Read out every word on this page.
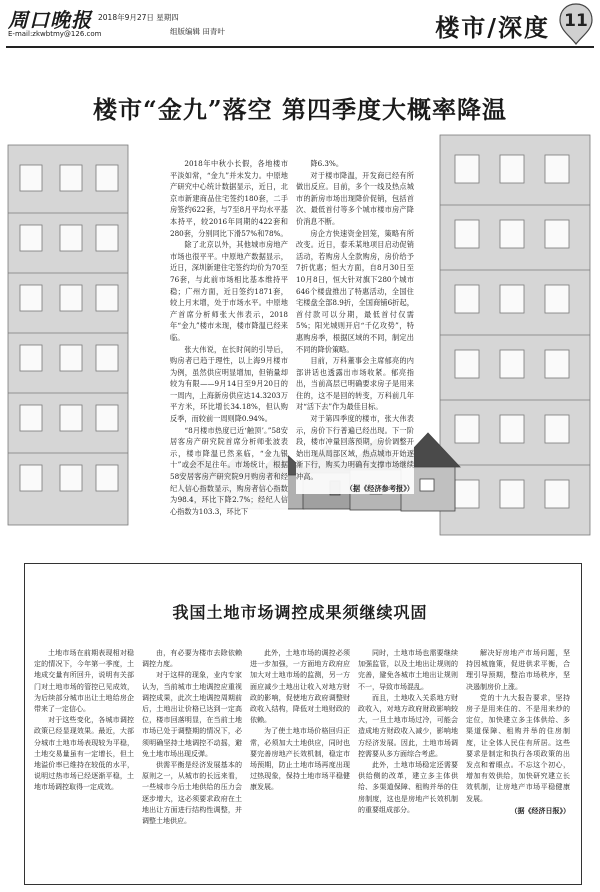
周口晚报
E-mail:zkwbtmy@126.com
2018年9月27日 星期四
组版编辑 田青叶	楼市/深度 11
楼市“金九”落空 第四季度大概率降温

2018年中秋小长假，各地楼市平淡如常，“金九”并未发力。中原地产研究中心统计数据显示，近日，北京市新建商品住宅签约180套，二手房签约622套，与7至8月平均水平基本持平，较2016年同期的422套和280套，分别同比下滑57%和78%。

除了北京以外，其他城市房地产市场也很平平。中原地产数据显示，近日，深圳新建住宅签约均价为70至76套，与此前市场相比基本维持平稳；广州方面，近日签约1871套，较上月末增，处于市场水平。中原地产首席分析师张大伟表示，2018年“金九”楼市未现，楼市降温已经来临。

张大伟说，在长时间的引导后，购房者已趋于理性，以上海9月楼市为例，虽然供应明显增加，但销量却较为有限——9月14日至9月20日的一周内，上海新房供应达14.3203万平方米，环比增长34.18%，但认购反季，而较前一周则降0.94%。

“8月楼市热度已近‘触顶’。”58安居客房产研究院首席分析师张波表示，楼市降温已然来临，“金九银十”或会不足往年。市场统计，根据58安居客房产研究院9月购房者和经纪人信心指数显示，购房者信心指数为98.4，环比下降2.7%；经纪人信心指数为103.3，环比下

降6.3%。

对于楼市降温，开发商已经有所做出反应。目前，多个一线及热点城市的新房市场出现降价促销，包括首次、最低首付等多个城市楼市房产降价消息不断。

房企方快速资金回笼，策略有所改变。近日，泰禾某地项目启动促销活动，若购房人全款购房，房价给予7折优惠；恒大方面，自8月30日至10月8日，恒大针对旗下280个城市646个楼盘推出了特惠活动，全国住宅楼盘全部8.9折，全国商铺6折起，首付款可以分期，最低首付仅需5%；阳光城则开启“千亿攻势”，特惠购房季，根据区域的不同，制定出不同的降价策略。

目前，万科董事会主席郁亮的内部讲话也透露出市场收紧。郁亮指出，当前高层已明确要求房子是用来住的，这不是回的转变，万科前几年对“活下去”作为最佳目标。

对于第四季度的楼市，张大伟表示，房价下行普遍已经出现。下一阶段，楼市冲量回落预期，房价调整开始出现从局部区域，热点城市开始逐渐下行，购买力明确有支撑市场继续冲高。

（据《经济参考报》）

我国土地市场调控成果须继续巩固

土地市场在前期表现相对稳定的情况下，今年第一季度，土地成交量有所回升，说明有关部门对土地市场的管控已见成效，为后续部分城市出让土地给房企带来了一定信心。

对于这些变化，各城市调控政策已经显现效果。最近，大部分城市土地市场表现较为平稳，土地交易量虽有一定增长，但土地溢价率已维持在较低的水平，说明过热市场已经逐渐平稳，土地市场调控取得一定成效。

由，有必要为楼市去除依赖调控力度。

对于这样的现象，业内专家认为，当前城市土地调控应重视调控成果，此次土地调控周期前后，土地出让价格已达到一定高位，楼市回落明显，在当前土地市场已处于调整期的情况下，必须明确坚持土地调控不动摇，避免土地市场出现反弹。

供需平衡是经济发展基本的原则之一，从城市的长远来看，一些城市今后土地供给的压力会逐步增大，这必须要求政府在土地出让方面进行结构性调整，并调整土地供应。

此外，土地市场的调控必须进一步加强，一方面地方政府应加大对土地市场的监测，另一方面应减少土地出让收入对地方财政的影响，促使地方政府调整财政收入结构，降低对土地财政的依赖。

为了使土地市场价格回归正常，必须加大土地供应，同时也要完善房地产长效机制，稳定市场预期，防止土地市场再度出现过热现象，保持土地市场平稳健康发展。

同时，土地市场也需要继续加强监管，以及土地出让规则的完善，避免各城市土地出让规则不一，导致市场混乱。

而且，土地收入关系地方财政收入，对地方政府财政影响较大，一旦土地市场过冷，可能会造成地方财政收入减少，影响地方经济发展。因此，土地市场调控需要从多方面综合考虑。

此外，土地市场稳定还需要供给侧的改革，建立多主体供给、多渠道保障、租购并举的住房制度，这也是房地产长效机制的重要组成部分。

解决好房地产市场问题，坚持因城施策，促进供求平衡，合理引导预期，整治市场秩序，坚决遏制房价上涨。

党的十九大报告要求，坚持房子是用来住的、不是用来炒的定位，加快建立多主体供给、多渠道保障、租购并举的住房制度，让全体人民住有所居。这些要求是制定和执行各项政策的出发点和着眼点。不忘这个初心，增加有效供给，加快研究建立长效机制，让房地产市场平稳健康发展。

（据《经济日报》）
